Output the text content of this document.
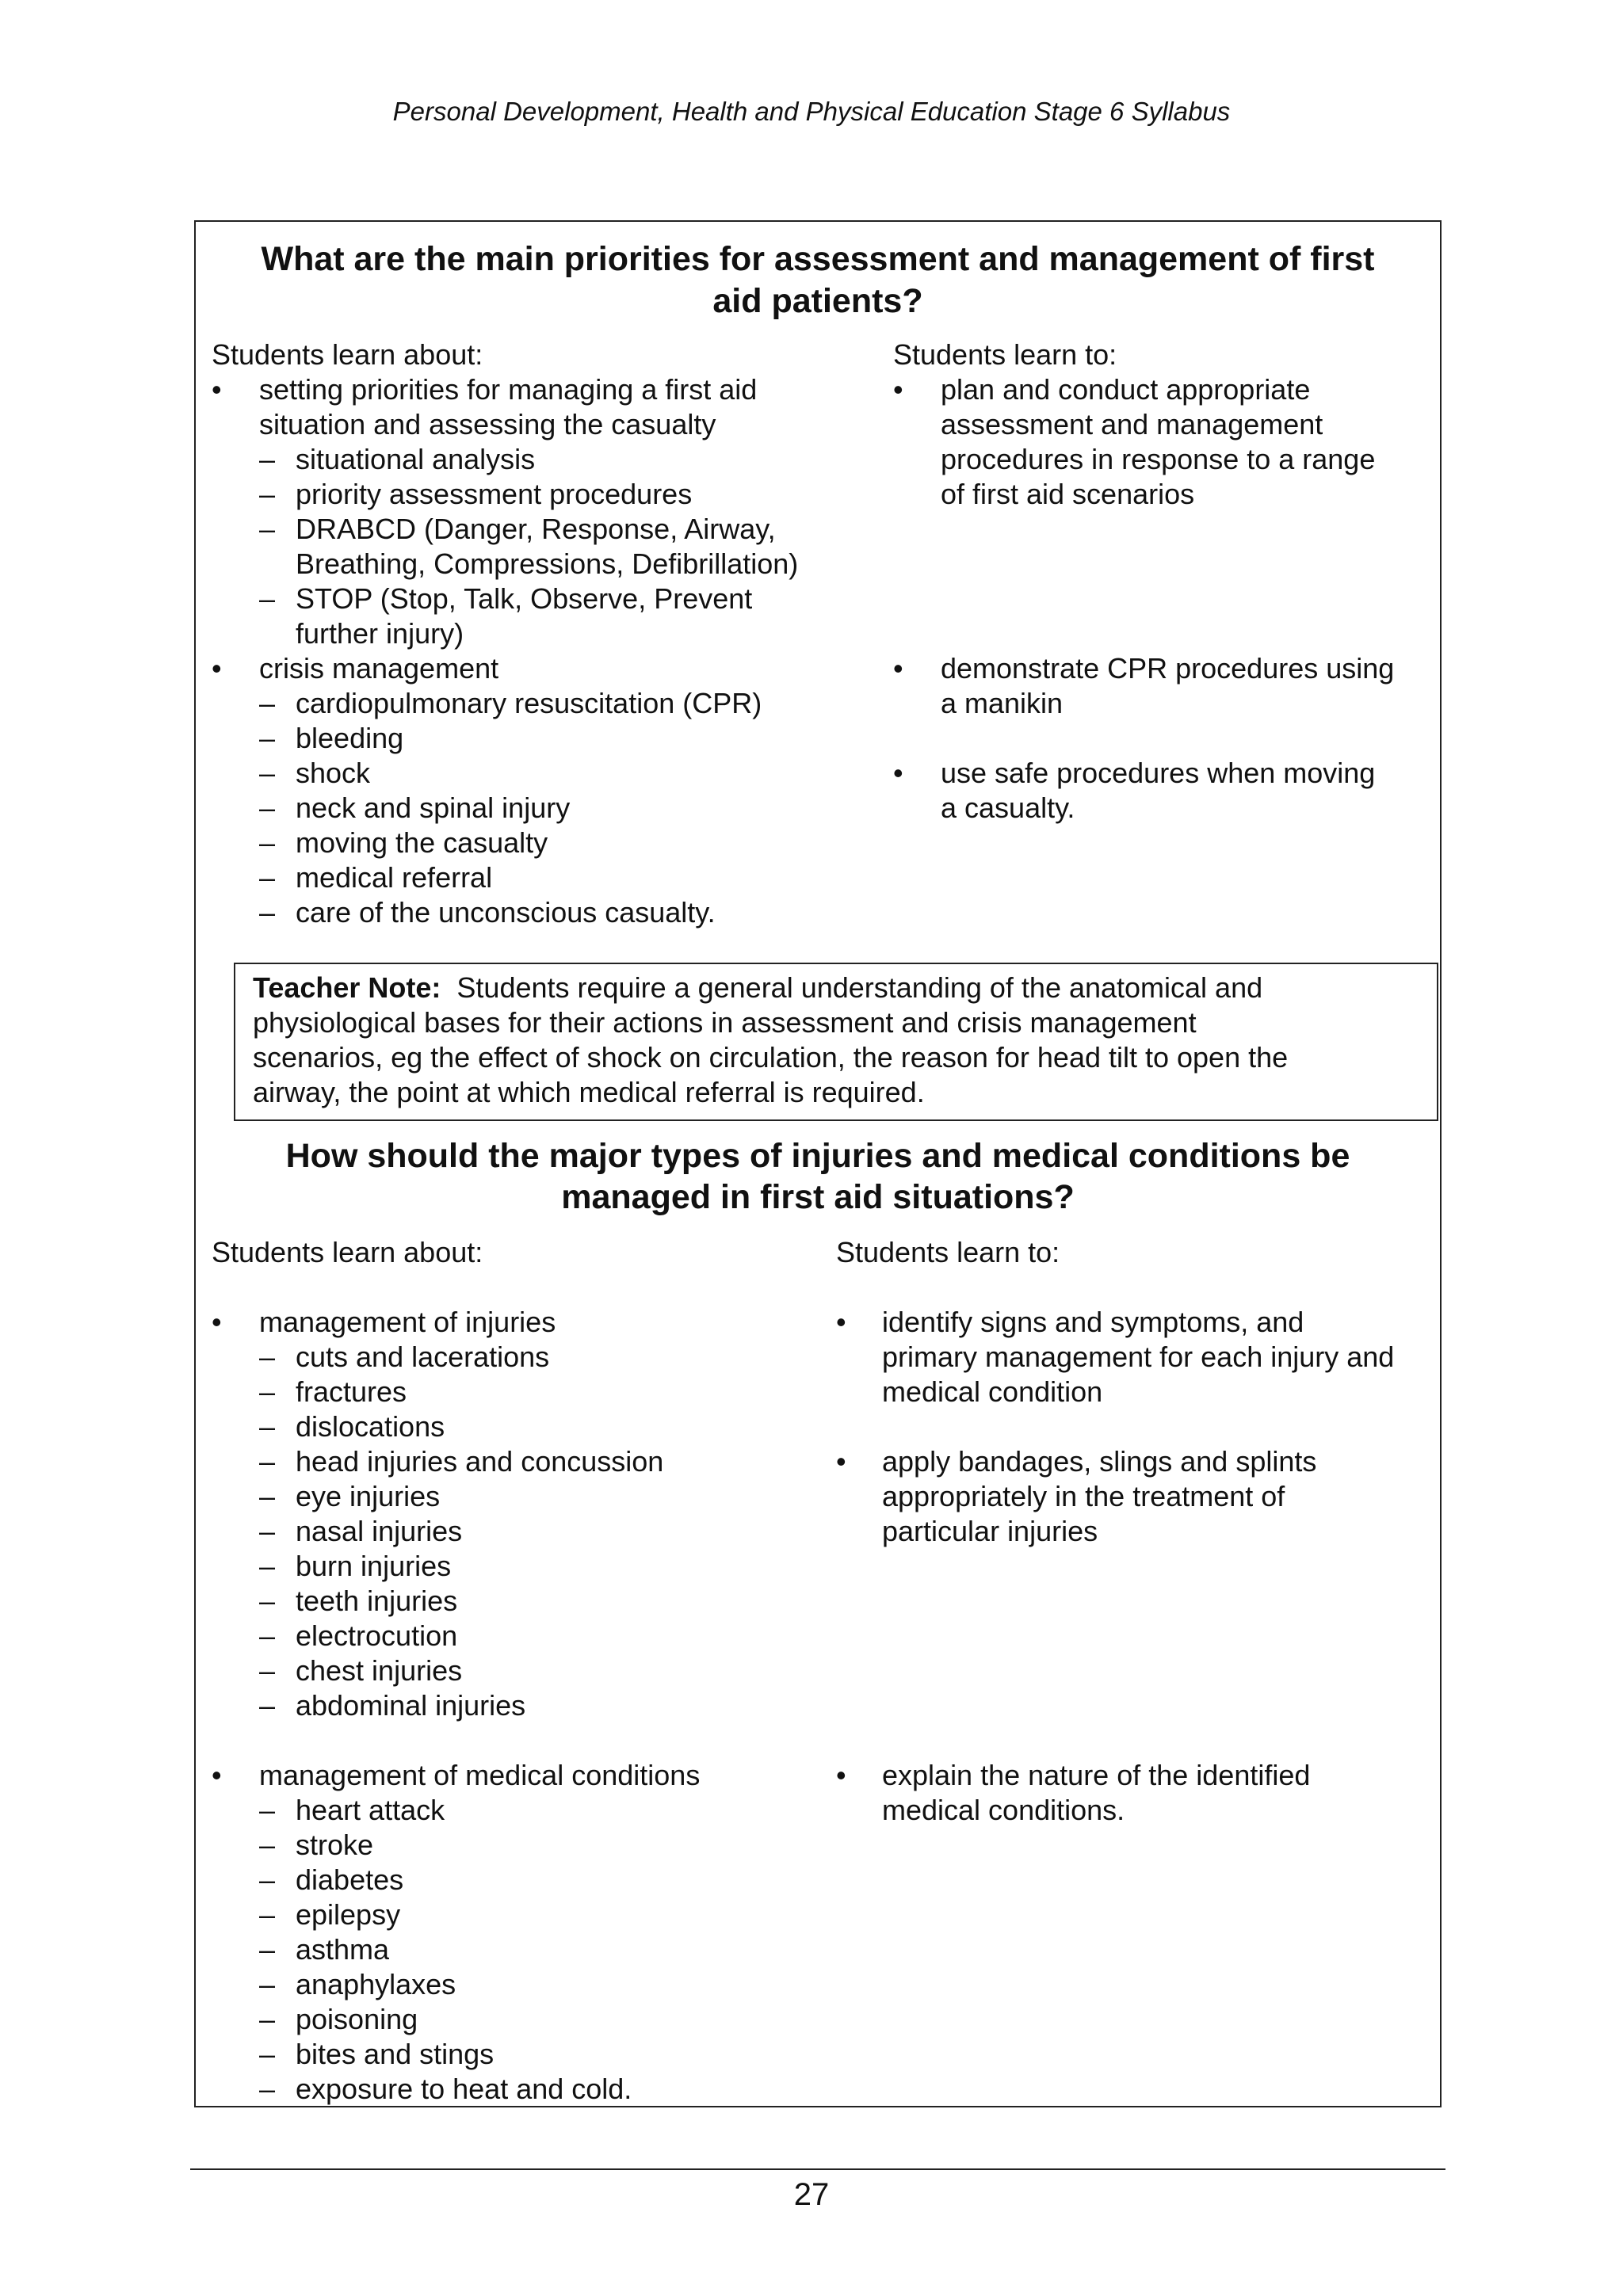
Personal Development, Health and Physical Education Stage 6 Syllabus
What are the main priorities for assessment and management of first
aid patients?
Students learn about:
• setting priorities for managing a first aid
situation and assessing the casualty
– situational analysis
– priority assessment procedures
– DRABCD (Danger, Response, Airway,
Breathing, Compressions, Defibrillation)
– STOP (Stop, Talk, Observe, Prevent
further injury)
• crisis management
– cardiopulmonary resuscitation (CPR)
– bleeding
– shock
– neck and spinal injury
– moving the casualty
– medical referral
– care of the unconscious casualty.
Students learn to:
• plan and conduct appropriate
assessment and management
procedures in response to a range
of first aid scenarios
• demonstrate CPR procedures using
a manikin
• use safe procedures when moving
a casualty.
Teacher Note: Students require a general understanding of the anatomical and
physiological bases for their actions in assessment and crisis management
scenarios, eg the effect of shock on circulation, the reason for head tilt to open the
airway, the point at which medical referral is required.
How should the major types of injuries and medical conditions be
managed in first aid situations?
Students learn about:
• management of injuries
– cuts and lacerations
– fractures
– dislocations
– head injuries and concussion
– eye injuries
– nasal injuries
– burn injuries
– teeth injuries
– electrocution
– chest injuries
– abdominal injuries
• management of medical conditions
– heart attack
– stroke
– diabetes
– epilepsy
– asthma
– anaphylaxes
– poisoning
– bites and stings
– exposure to heat and cold.
Students learn to:
• identify signs and symptoms, and
primary management for each injury and
medical condition
• apply bandages, slings and splints
appropriately in the treatment of
particular injuries
• explain the nature of the identified
medical conditions.
27
